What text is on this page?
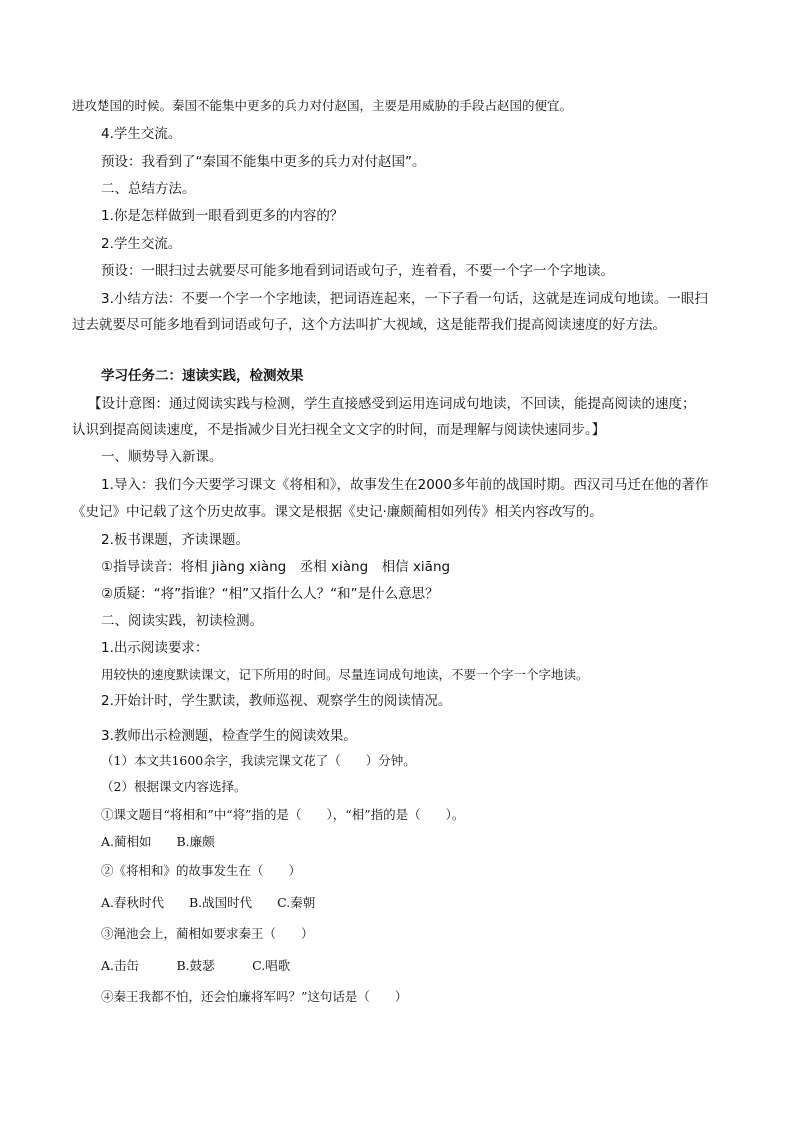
进攻楚国的时候。秦国不能集中更多的兵力对付赵国，主要是用威胁的手段占赵国的便宜。
4.学生交流。
预设：我看到了“秦国不能集中更多的兵力对付赵国”。
二、总结方法。
1.你是怎样做到一眼看到更多的内容的？
2.学生交流。
预设：一眼扫过去就要尽可能多地看到词语或句子，连着看，不要一个字一个字地读。
3.小结方法：不要一个字一个字地读，把词语连起来，一下子看一句话，这就是连词成句地读。一眼扫
过去就要尽可能多地看到词语或句子，这个方法叫扩大视域，这是能帮我们提高阅读速度的好方法。
学习任务二：速读实践，检测效果
【设计意图：通过阅读实践与检测，学生直接感受到运用连词成句地读，不回读，能提高阅读的速度；
认识到提高阅读速度，不是指减少目光扫视全文文字的时间，而是理解与阅读快速同步。】
一、顺势导入新课。
1.导入：我们今天要学习课文《将相和》，故事发生在2000多年前的战国时期。西汉司马迁在他的著作
《史记》中记载了这个历史故事。课文是根据《史记·廉颇蔺相如列传》相关内容改写的。
2.板书课题，齐读课题。
①指导读音：将相 jiàng xiàng　丞相 xiàng　相信 xiāng
②质疑：“将”指谁？“相”又指什么人？“和”是什么意思？
二、阅读实践，初读检测。
1.出示阅读要求：
用较快的速度默读课文，记下所用的时间。尽量连词成句地读，不要一个字一个字地读。
2.开始计时，学生默读，教师巡视、观察学生的阅读情况。
3.教师出示检测题，检查学生的阅读效果。
（1）本文共1600余字，我读完课文花了（　　）分钟。
（2）根据课文内容选择。
①课文题目“将相和”中“将”指的是（　　），“相”指的是（　　）。
A.蔺相如　　B.廉颇
②《将相和》的故事发生在（　　）
A.春秋时代　　B.战国时代　　C.秦朝
③渑池会上，蔺相如要求秦王（　　）
A.击缶　　　B.鼓瑟　　　C.唱歌
④秦王我都不怕，还会怕廉将军吗？”这句话是（　　）
